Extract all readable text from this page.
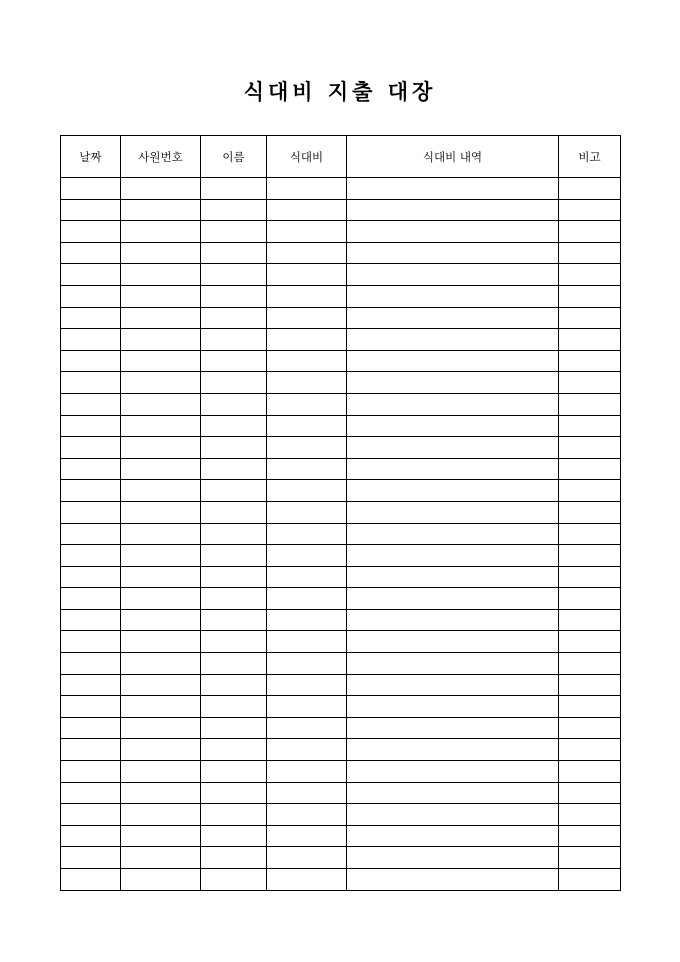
식대비 지출 대장
날짜	사원번호	이름	식대비	식대비 내역	비고
